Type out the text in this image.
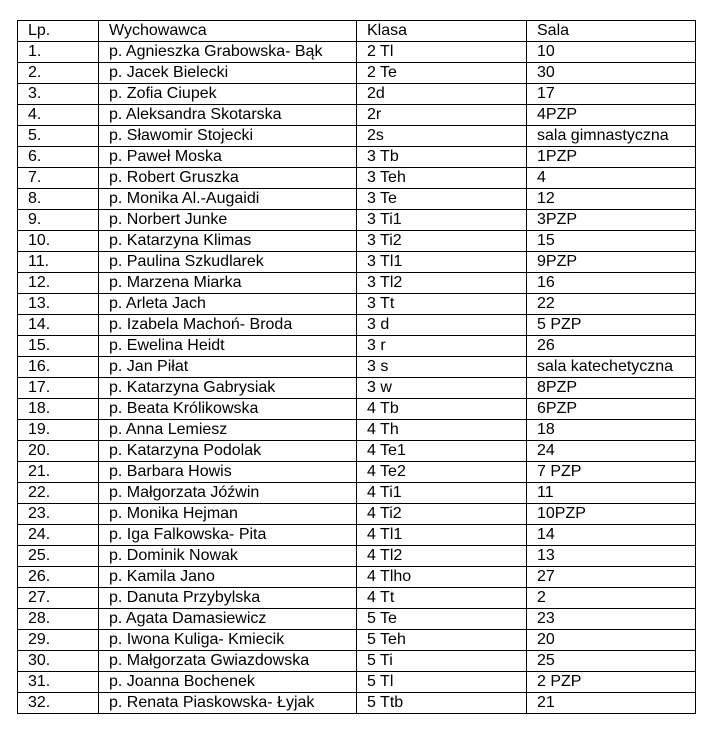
Lp.	Wychowawca	Klasa	Sala
1.	p. Agnieszka Grabowska- Bąk	2 Tl	10
2.	p. Jacek Bielecki	2 Te	30
3.	p. Zofia Ciupek	2d	17
4.	p. Aleksandra Skotarska	2r	4PZP
5.	p. Sławomir Stojecki	2s	sala gimnastyczna
6.	p. Paweł Moska	3 Tb	1PZP
7.	p. Robert Gruszka	3 Teh	4
8.	p. Monika Al.-Augaidi	3 Te	12
9.	p. Norbert Junke	3 Ti1	3PZP
10.	p. Katarzyna Klimas	3 Ti2	15
11.	p. Paulina Szkudlarek	3 Tl1	9PZP
12.	p. Marzena Miarka	3 Tl2	16
13.	p. Arleta Jach	3 Tt	22
14.	p. Izabela Machoń- Broda	3 d	5 PZP
15.	p. Ewelina Heidt	3 r	26
16.	p. Jan Piłat	3 s	sala katechetyczna
17.	p. Katarzyna Gabrysiak	3 w	8PZP
18.	p. Beata Królikowska	4 Tb	6PZP
19.	p. Anna Lemiesz	4 Th	18
20.	p. Katarzyna Podolak	4 Te1	24
21.	p. Barbara Howis	4 Te2	7 PZP
22.	p. Małgorzata Jóźwin	4 Ti1	11
23.	p. Monika Hejman	4 Ti2	10PZP
24.	p. Iga Falkowska- Pita	4 Tl1	14
25.	p. Dominik Nowak	4 Tl2	13
26.	p. Kamila Jano	4 Tlho	27
27.	p. Danuta Przybylska	4 Tt	2
28.	p. Agata Damasiewicz	5 Te	23
29.	p. Iwona Kuliga- Kmiecik	5 Teh	20
30.	p. Małgorzata Gwiazdowska	5 Ti	25
31.	p. Joanna Bochenek	5 Tl	2 PZP
32.	p. Renata Piaskowska- Łyjak	5 Ttb	21
